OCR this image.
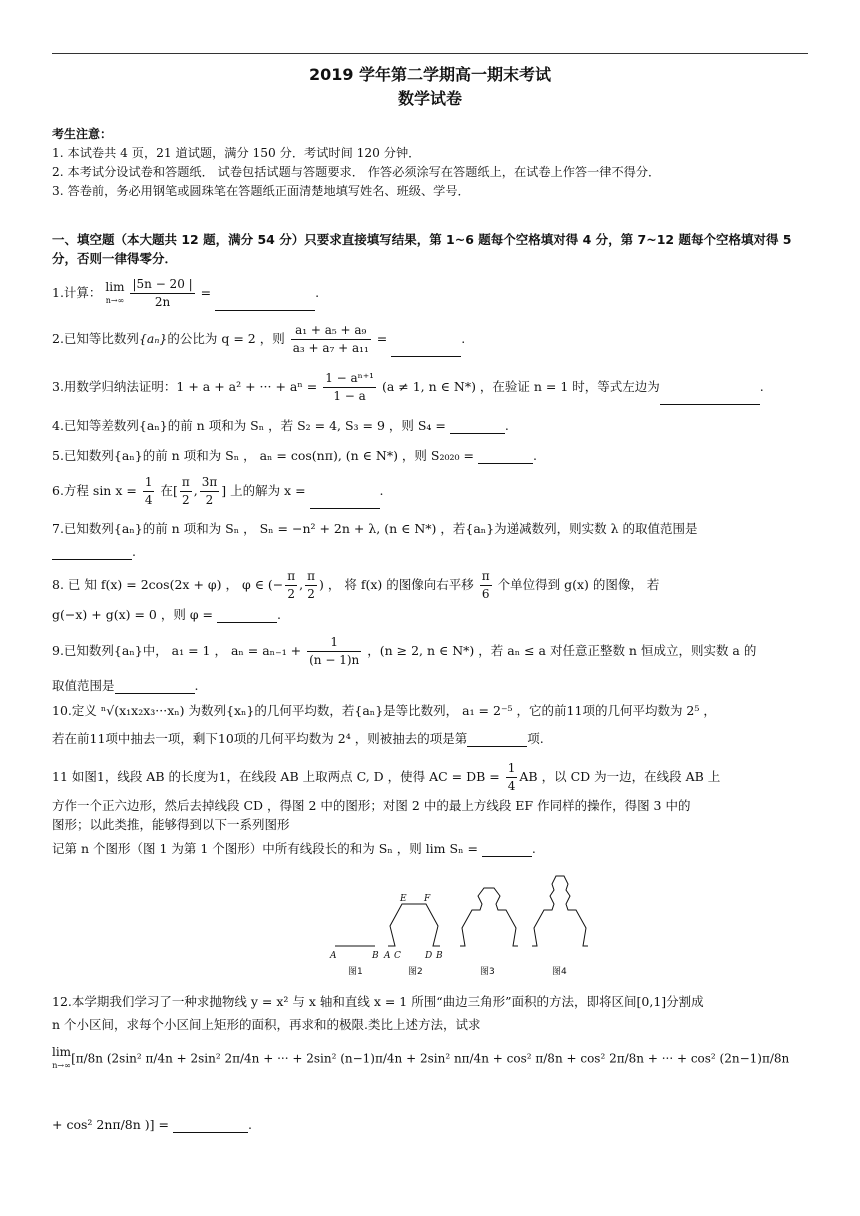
2019 学年第二学期高一期末考试
数学试卷
考生注意：
1. 本试卷共 4 页，21 道试题，满分 150 分．考试时间 120 分钟．
2. 本考试分设试卷和答题纸． 试卷包括试题与答题要求． 作答必须涂写在答题纸上，在试卷上作答一律不得分．
3. 答卷前，务必用钢笔或圆珠笔在答题纸正面清楚地填写姓名、班级、学号．
一、填空题（本大题共 12 题，满分 54 分）只要求直接填写结果，第 1~6 题每个空格填对得 4 分，第 7~12 题每个空格填对得 5 分，否则一律得零分．
1.计算： lim
n→∞
$\frac{|5n - 20 |}{2n}$ =	.
2.已知等比数列{aₙ}的公比为 q = 2 ，则 $\frac{\text{a₁ + a₅ + a₉}}{\text{a₃ + a₇ + a₁₁}}$ =	.
3.用数学归纳法证明：1 + a + a² + ··· + $a^n = \frac{\text{1 − aⁿ⁺¹}}{1 - a} (a \ne 1$, n ∈ N*) ，在验证 n = 1 时，等式左边为	.
4.已知等差数列{aₙ}的前 n 项和为 Sₙ ，若 S₂ = 4, S₃ = 9 ，则 S₄ =	.
5.已知数列{aₙ}的前 n 项和为 Sₙ ， aₙ = cos(nπ), (n ∈ N*) ，则 S₂₀₂₀ =	.
6.方程 $\sin x = \frac{1}{4}$ 在[ $\frac{\pi}{2}$ , $\frac{3\pi}{2}$ ] 上的解为 x =	.
7.已知数列{aₙ}的前 n 项和为 Sₙ ， Sₙ = −n² + 2n + λ, (n ∈ N*) ，若{aₙ}为递减数列，则实数 λ 的取值范围是
.
8. 已 知 f(x) = 2cos(2x + φ) ， φ ∈ (− $\frac{\pi}{2}$ , $\frac{\pi}{2}$ ) ， 将 f(x) 的图像向右平移 $\frac{\pi}{6}$ 个单位得到 g(x) 的图像， 若
g(−x) + g(x) = 0 ，则 φ =	.
9.已知数列{aₙ}中， a₁ = 1 ， $a_n = a_{n-1} + \frac{1}{(n - 1)n}$ ，(n ≥ 2, n ∈ N*) ，若 aₙ ≤ a 对任意正整数 n 恒成立，则实数 a 的
取值范围是	.
10.定义 ⁿ√(x₁x₂x₃···xₙ) 为数列{xₙ}的几何平均数，若{aₙ}是等比数列， a₁ = 2⁻⁵ ，它的前11项的几何平均数为 2⁵ ，
若在前11项中抽去一项，剩下10项的几何平均数为 2⁴ ，则被抽去的项是第	项.
11 如图1，线段 AB 的长度为1，在线段 AB 上取两点 C, D ，使得 AC = DB = $\frac{1}{4}$ AB ，以 CD 为一边，在线段 AB 上
方作一个正六边形，然后去掉线段 CD ，得图 2 中的图形；对图 2 中的最上方线段 EF 作同样的操作，得图 3 中的
图形；以此类推，能够得到以下一系列图形
记第 n 个图形（图 1 为第 1 个图形）中所有线段长的和为 Sₙ ，则 lim Sₙ =	.
A	B A C	D B
E F
图1	图2	图3	图4
12.本学期我们学习了一种求抛物线 y = x² 与 x 轴和直线 x = 1 所围“曲边三角形”面积的方法，即将区间[0,1]分割成
n 个小区间，求每个小区间上矩形的面积，再求和的极限.类比上述方法，试求
lim
n→∞ [π/8n (2sin² π/4n + 2sin² 2π/4n + ··· + 2sin² (n−1)π/4n + 2sin² nπ/4n + cos² π/8n + cos² 2π/8n + ··· + cos² (2n−1)π/8n
+ cos² 2nπ/8n )] =	.
